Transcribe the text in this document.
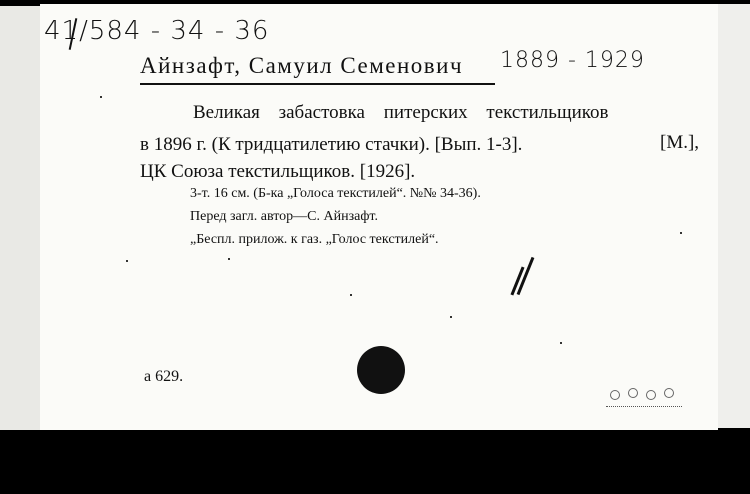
41/584 - 34 - 36
Айнзафт, Самуил Семенович 1889 - 1929
Великая забастовка питерских текстильщиков
в 1896 г. (К тридцатилетию стачки). [Вып. 1-3].	[М.],
ЦК Союза текстильщиков. [1926].
3-т. 16 см. (Б-ка „Голоса текстилей“. №№ 34-36).
Перед загл. автор—С. Айнзафт.
„Беспл. прилож. к газ. „Голос текстилей“.
а 629.
